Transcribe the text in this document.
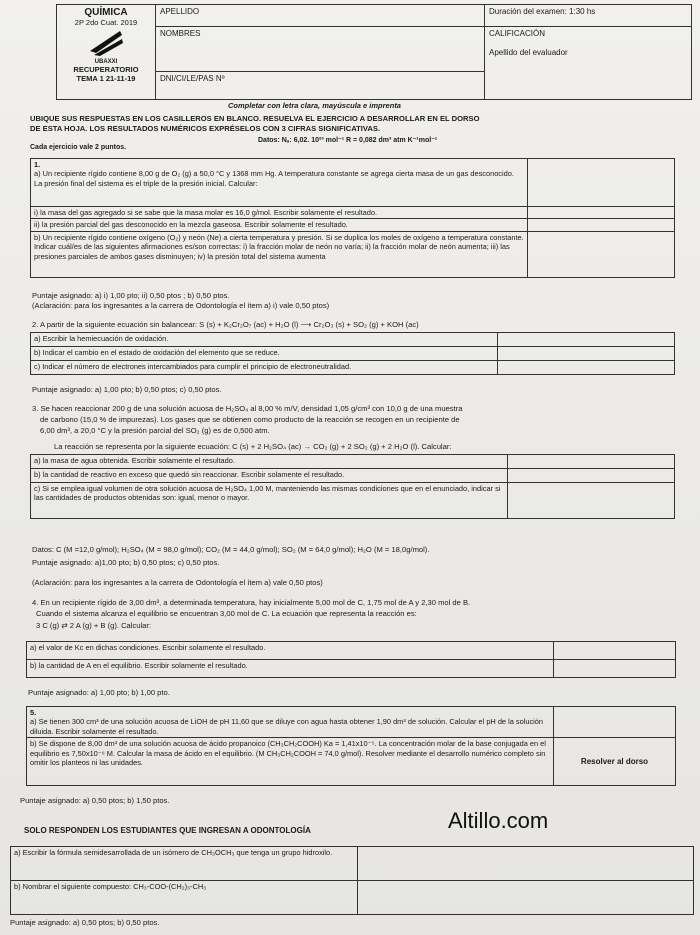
QUÍMICA
2P 2do Cuat. 2019
UBAXXI
RECUPERATORIO
TEMA 1 21-11-19	APELLIDO	Duración del examen: 1:30 hs
	NOMBRES	CALIFICACIÓN
Apellido del evaluador

	DNI/CI/LE/PAS Nº	
Completar con letra clara, mayúscula e imprenta
UBIQUE SUS RESPUESTAS EN LOS CASILLEROS EN BLANCO. RESUELVA EL EJERCICIO A DESARROLLAR EN EL DORSO
DE ESTA HOJA. LOS RESULTADOS NUMÉRICOS EXPRÉSELOS CON 3 CIFRAS SIGNIFICATIVAS.
Cada ejercicio vale 2 puntos.
Datos: Nₐ: 6,02. 10²³ mol⁻¹ R = 0,082 dm³ atm K⁻¹mol⁻¹
1.
a) Un recipiente rígido contiene 8,00 g de O₂ (g) a 50,0 °C y 1368 mm Hg. A temperatura constante se agrega cierta masa de un gas desconocido. La presión final del sistema es el triple de la presión inicial. Calcular:	

i) la masa del gas agregado si se sabe que la masa molar es 16,0 g/mol. Escribir solamente el resultado.	
ii) la presión parcial del gas desconocido en la mezcla gaseosa. Escribir solamente el resultado.	
b) Un recipiente rígido contiene oxígeno (O₂) y neón (Ne) a cierta temperatura y presión. Si se duplica los moles de oxígeno a temperatura constante. Indicar cuál/es de las siguientes afirmaciones es/son correctas: i) la fracción molar de neón no varía; ii) la fracción molar de neón aumenta; iii) las presiones parciales de ambos gases disminuyen; iv) la presión total del sistema aumenta	
Puntaje asignado: a) i) 1,00 pto; ii) 0,50 ptos ; b) 0,50 ptos.
(Aclaración: para los ingresantes a la carrera de Odontología el ítem a) i) vale 0,50 ptos)
2. A partir de la siguiente ecuación sin balancear: S (s) + K₂Cr₂O₇ (ac) + H₂O (l) ⟶ Cr₂O₃ (s) + SO₂ (g) + KOH (ac)
a) Escribir la hemiecuación de oxidación.	
b) Indicar el cambio en el estado de oxidación del elemento que se reduce.	
c) Indicar el número de electrones intercambiados para cumplir el principio de electroneutralidad.	
Puntaje asignado: a) 1,00 pto; b) 0,50 ptos; c) 0,50 ptos.
3. Se hacen reaccionar 200 g de una solución acuosa de H₂SO₄ al 8,00 % m/V, densidad 1,05 g/cm³ con 10,0 g de una muestra
de carbono (15,0 % de impurezas). Los gases que se obtienen como producto de la reacción se recogen en un recipiente de
6,00 dm³, a 20,0 °C y la presión parcial del SO₂ (g) es de 0,500 atm.
La reacción se representa por la siguiente ecuación: C (s) + 2 H₂SO₄ (ac) → CO₂ (g) + 2 SO₂ (g) + 2 H₂O (l). Calcular:
a) la masa de agua obtenida. Escribir solamente el resultado.	
b) la cantidad de reactivo en exceso que quedó sin reaccionar. Escribir solamente el resultado.	
c) Si se emplea igual volumen de otra solución acuosa de H₂SO₄ 1,00 M, manteniendo las mismas condiciones que en el enunciado, indicar si las cantidades de productos obtenidas son: igual, menor o mayor.	
Datos: C (M =12,0 g/mol); H₂SO₄ (M = 98,0 g/mol); CO₂ (M = 44,0 g/mol); SO₂ (M = 64,0 g/mol); H₂O (M = 18,0g/mol).
Puntaje asignado: a)1,00 pto; b) 0,50 ptos; c) 0,50 ptos.
(Aclaración: para los ingresantes a la carrera de Odontología el ítem a) vale 0,50 ptos)
4. En un recipiente rígido de 3,00 dm³, a determinada temperatura, hay inicialmente 5,00 mol de C, 1,75 mol de A y 2,30 mol de B.
Cuando el sistema alcanza el equilibrio se encuentran 3,00 mol de C. La ecuación que representa la reacción es:
3 C (g) ⇄ 2 A (g) + B (g). Calcular:
a) el valor de Kc en dichas condiciones. Escribir solamente el resultado.	
b) la cantidad de A en el equilibrio. Escribir solamente el resultado.	
Puntaje asignado: a) 1,00 pto; b) 1,00 pto.
5.
a) Se tienen 300 cm³ de una solución acuosa de LiOH de pH 11,60 que se diluye con agua hasta obtener 1,90 dm³ de solución. Calcular el pH de la solución diluida. Escribir solamente el resultado.	
b) Se dispone de 8,00 dm³ de una solución acuosa de ácido propanoico (CH₃CH₂COOH) Ka = 1,41x10⁻⁵. La concentración molar de la base conjugada en el equilibrio es 7,50x10⁻⁶ M. Calcular la masa de ácido en el equilibrio. (M CH₃CH₂COOH = 74,0 g/mol). Resolver mediante el desarrollo numérico completo sin omitir los planteos ni las unidades.	Resolver al dorso
Puntaje asignado: a) 0,50 ptos; b) 1,50 ptos.
Altillo.com
SOLO RESPONDEN LOS ESTUDIANTES QUE INGRESAN A ODONTOLOGÍA
a) Escribir la fórmula semidesarrollada de un isómero de CH₃OCH₃ que tenga un grupo hidroxilo.	
b) Nombrar el siguiente compuesto: CH₃-COO-(CH₂)₃-CH₃	
Puntaje asignado: a) 0,50 ptos; b) 0,50 ptos.
